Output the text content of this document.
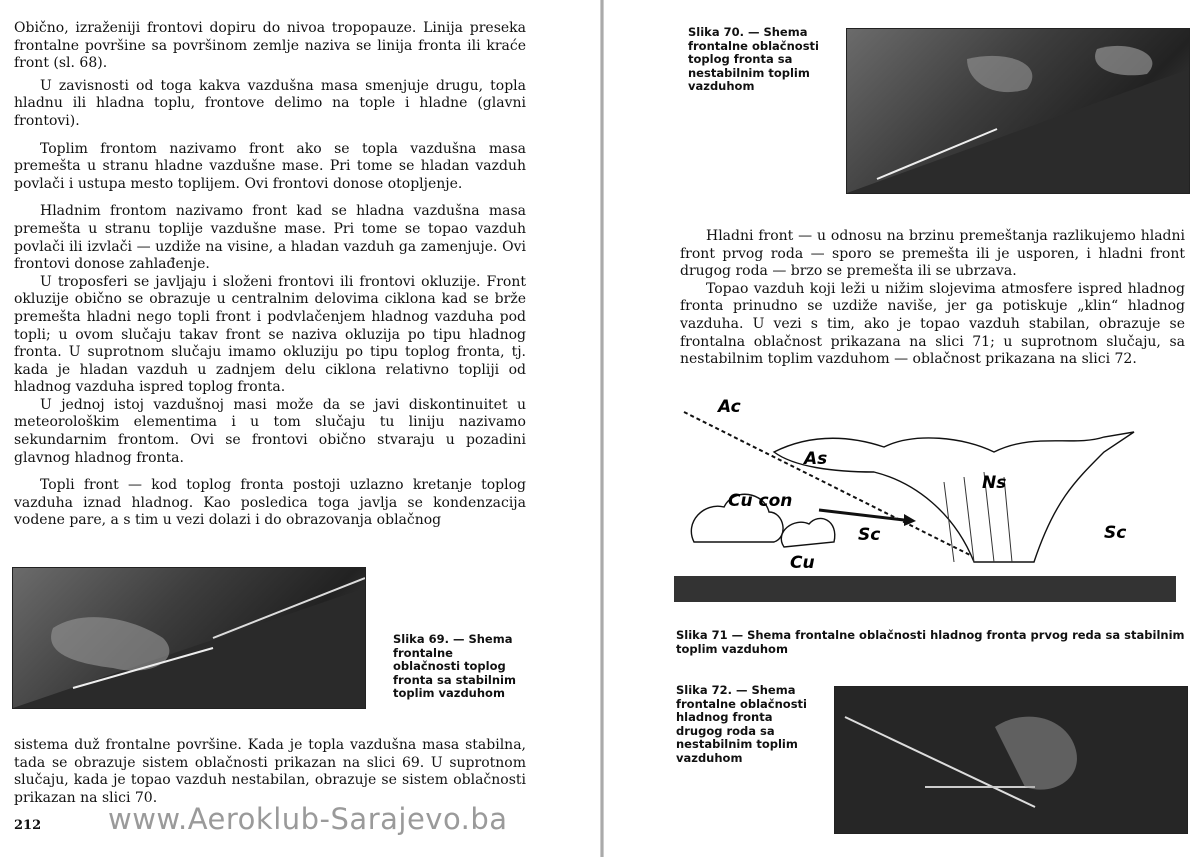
Obično, izraženiji frontovi dopiru do nivoa tropopauze. Linija preseka frontalne površine sa površinom zemlje naziva se linija fronta ili kraće front (sl. 68).

U zavisnosti od toga kakva vazdušna masa smenjuje drugu, topla hladnu ili hladna toplu, frontove delimo na tople i hladne (glavni frontovi).

Toplim frontom nazivamo front ako se topla vazdušna masa premešta u stranu hladne vazdušne mase. Pri tome se hladan vazduh povlači i ustupa mesto toplijem. Ovi frontovi donose otopljenje.

Hladnim frontom nazivamo front kad se hladna vazdušna masa premešta u stranu toplije vazdušne mase. Pri tome se topao vazduh povlači ili izvlači — uzdiže na visine, a hladan vazduh ga zamenjuje. Ovi frontovi donose zahlađenje.

U troposferi se javljaju i složeni frontovi ili frontovi okluzije. Front okluzije obično se obrazuje u centralnim delovima ciklona kad se brže premešta hladni nego topli front i podvlačenjem hladnog vazduha pod topli; u ovom slučaju takav front se naziva okluzija po tipu hladnog fronta. U suprotnom slučaju imamo okluziju po tipu toplog fronta, tj. kada je hladan vazduh u zadnjem delu ciklona relativno topliji od hladnog vazduha ispred toplog fronta.

U jednoj istoj vazdušnoj masi može da se javi diskontinuitet u meteorološkim elementima i u tom slučaju tu liniju nazivamo sekundarnim frontom. Ovi se frontovi obično stvaraju u pozadini glavnog hladnog fronta.

Topli front — kod toplog fronta postoji uzlazno kretanje toplog vazduha iznad hladnog. Kao posledica toga javlja se kondenzacija vodene pare, a s tim u vezi dolazi i do obrazovanja oblačnog

Slika 69. — Shema frontalne oblačnosti toplog fronta sa stabilnim toplim vazduhom

sistema duž frontalne površine. Kada je topla vazdušna masa stabilna, tada se obrazuje sistem oblačnosti prikazan na slici 69. U suprotnom slučaju, kada je topao vazduh nestabilan, obrazuje se sistem oblačnosti prikazan na slici 70.

212 www.Aeroklub-Sarajevo.ba
Slika 70. — Shema frontalne oblačnosti toplog fronta sa nestabilnim toplim vazduhom

Hladni front — u odnosu na brzinu premeštanja razlikujemo hladni front prvog roda — sporo se premešta ili je usporen, i hladni front drugog roda — brzo se premešta ili se ubrzava.

Topao vazduh koji leži u nižim slojevima atmosfere ispred hladnog fronta prinudno se uzdiže naviše, jer ga potiskuje „klin“ hladnog vazduha. U vezi s tim, ako je topao vazduh stabilan, obrazuje se frontalna oblačnost prikazana na slici 71; u suprotnom slučaju, sa nestabilnim toplim vazduhom — oblačnost prikazana na slici 72.

Ac
As
Ns
Cu con
Cu
Sc	Sc
Slika 71 — Shema frontalne oblačnosti hladnog fronta prvog reda sa stabilnim toplim vazduhom
Slika 72. — Shema frontalne oblačnosti hladnog fronta drugog roda sa nestabilnim toplim vazduhom
